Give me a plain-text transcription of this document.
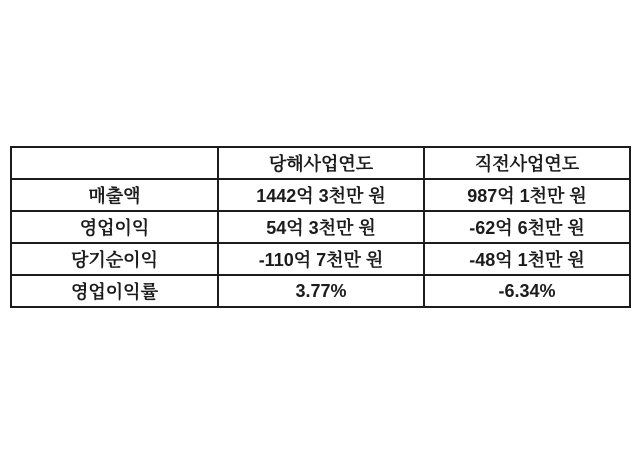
	당해사업연도	직전사업연도
매출액	1442억 3천만 원	987억 1천만 원
영업이익	54억 3천만 원	-62억 6천만 원
당기순이익	-110억 7천만 원	-48억 1천만 원
영업이익률	3.77%	-6.34%
